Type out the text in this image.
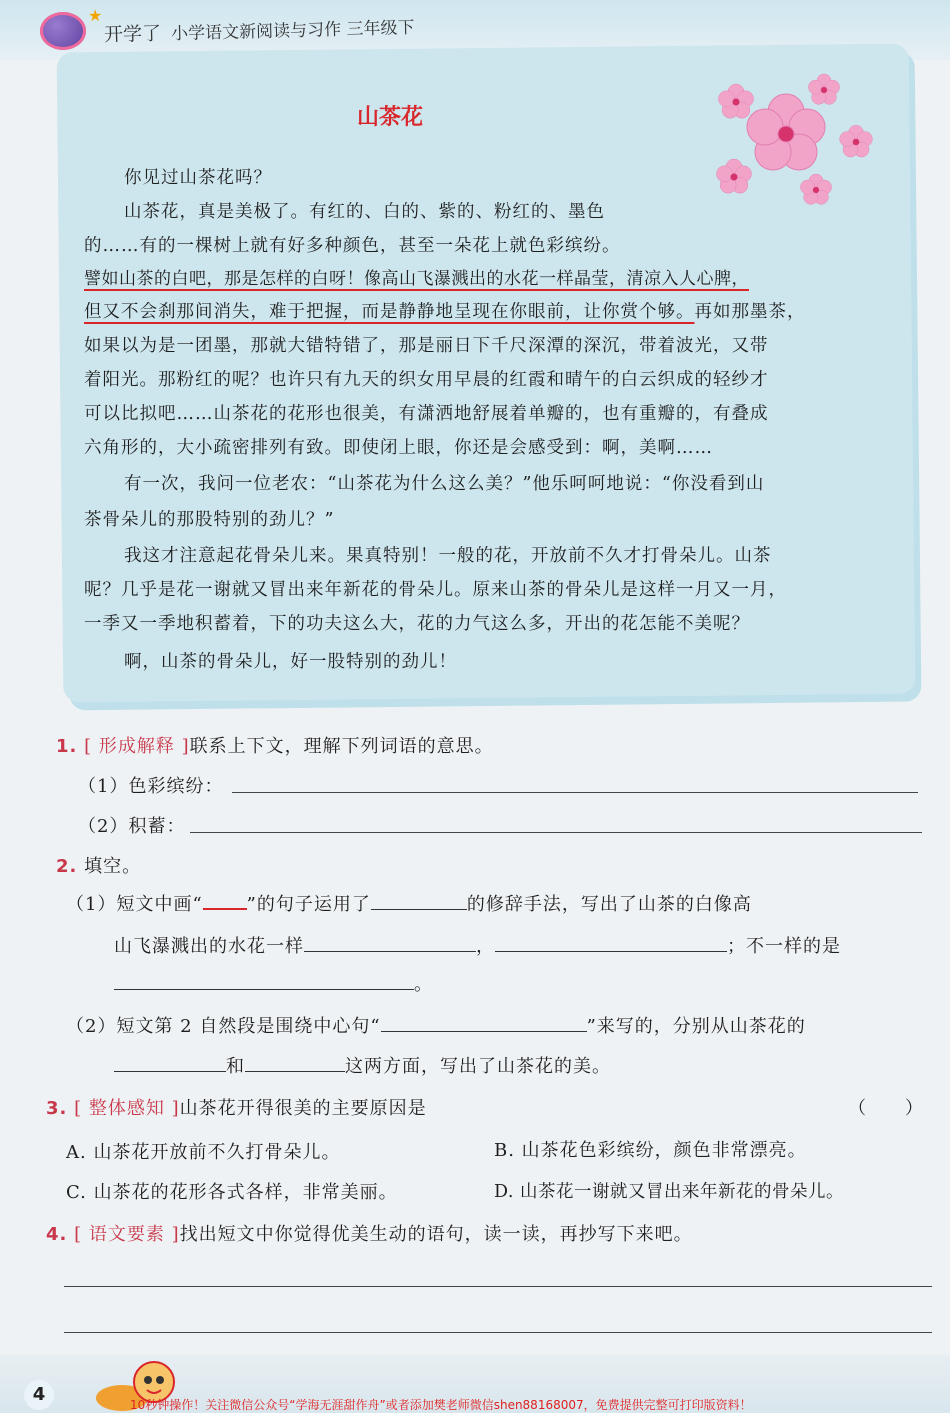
★
开学了 小学语文新阅读与习作 三年级下
山茶花
你见过山茶花吗？
山茶花，真是美极了。有红的、白的、紫的、粉红的、墨色
的……有的一棵树上就有好多种颜色，甚至一朵花上就色彩缤纷。
譬如山茶的白吧，那是怎样的白呀！像高山飞瀑溅出的水花一样晶莹，清凉入人心脾，
但又不会刹那间消失，难于把握，而是静静地呈现在你眼前，让你赏个够。再如那墨茶，
如果以为是一团墨，那就大错特错了，那是丽日下千尺深潭的深沉，带着波光，又带
着阳光。那粉红的呢？也许只有九天的织女用早晨的红霞和晴午的白云织成的轻纱才
可以比拟吧……山茶花的花形也很美，有潇洒地舒展着单瓣的，也有重瓣的，有叠成
六角形的，大小疏密排列有致。即使闭上眼，你还是会感受到：啊，美啊……
有一次，我问一位老农：“山茶花为什么这么美？”他乐呵呵地说：“你没看到山
茶骨朵儿的那股特别的劲儿？”
我这才注意起花骨朵儿来。果真特别！一般的花，开放前不久才打骨朵儿。山茶
呢？几乎是花一谢就又冒出来年新花的骨朵儿。原来山茶的骨朵儿是这样一月又一月，
一季又一季地积蓄着，下的功夫这么大，花的力气这么多，开出的花怎能不美呢？
啊，山茶的骨朵儿，好一股特别的劲儿！
1. [ 形成解释 ]联系上下文，理解下列词语的意思。
（1）色彩缤纷：
（2）积蓄：
2. 填空。
（1）短文中画“ ”的句子运用了	的修辞手法，写出了山茶的白像高
山飞瀑溅出的水花一样	，	；不一样的是
。
（2）短文第 2 自然段是围绕中心句“	”来写的，分别从山茶花的
和	这两方面，写出了山茶花的美。
3. [ 整体感知 ]山茶花开得很美的主要原因是	（　　）
A. 山茶花开放前不久打骨朵儿。	B. 山茶花色彩缤纷，颜色非常漂亮。
C. 山茶花的花形各式各样，非常美丽。	D. 山茶花一谢就又冒出来年新花的骨朵儿。
4. [ 语文要素 ]找出短文中你觉得优美生动的语句，读一读，再抄写下来吧。
4	10秒钟操作！关注微信公众号“学海无涯甜作舟”或者添加樊老师微信shen88168007，免费提供完整可打印版资料！
